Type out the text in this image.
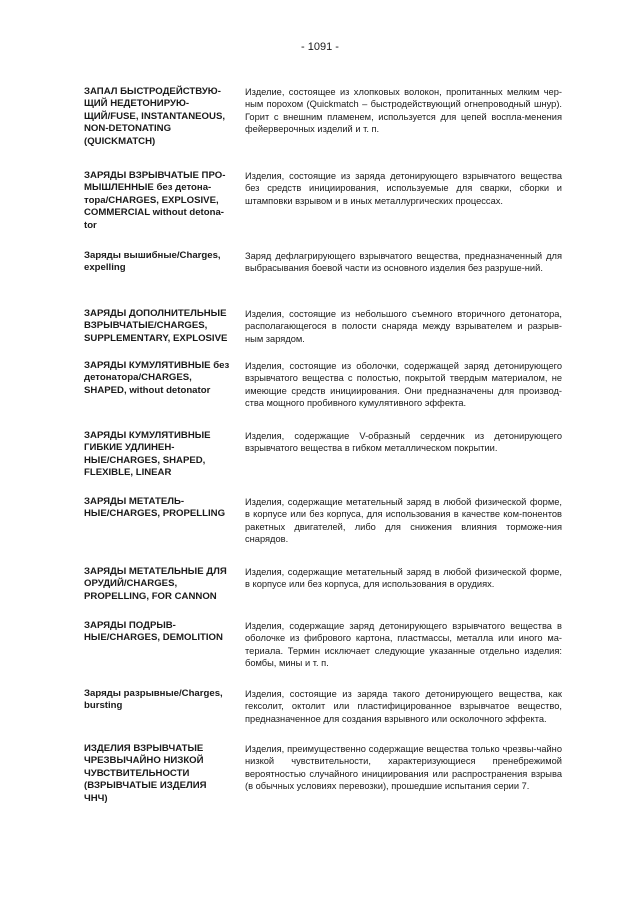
- 1091 -
ЗАПАЛ БЫСТРОДЕЙСТВУЮ-ЩИЙ НЕДЕТОНИРУЮ-ЩИЙ/FUSE, INSTANTANEOUS, NON-DETONATING (QUICKMATCH)
Изделие, состоящее из хлопковых волокон, пропитанных мелким чер-ным порохом (Quickmatch – быстродействующий огнепроводный шнур). Горит с внешним пламенем, используется для цепей воспла-менения фейерверочных изделий и т. п.
ЗАРЯДЫ ВЗРЫВЧАТЫЕ ПРО-МЫШЛЕННЫЕ без детона-тора/CHARGES, EXPLOSIVE, COMMERCIAL without detona-tor
Изделия, состоящие из заряда детонирующего взрывчатого вещества без средств инициирования, используемые для сварки, сборки и штамповки взрывом и в иных металлургических процессах.
Заряды вышибные/Charges, expelling
Заряд дефлагрирующего взрывчатого вещества, предназначенный для выбрасывания боевой части из основного изделия без разруше-ний.
ЗАРЯДЫ ДОПОЛНИТЕЛЬНЫЕ ВЗРЫВЧАТЫЕ/CHARGES, SUPPLEMENTARY, EXPLOSIVE
Изделия, состоящие из небольшого съемного вторичного детонатора, располагающегося в полости снаряда между взрывателем и разрыв-ным зарядом.
ЗАРЯДЫ КУМУЛЯТИВНЫЕ без детонатора/CHARGES, SHAPED, without detonator
Изделия, состоящие из оболочки, содержащей заряд детонирующего взрывчатого вещества с полостью, покрытой твердым материалом, не имеющие средств инициирования. Они предназначены для производ-ства мощного пробивного кумулятивного эффекта.
ЗАРЯДЫ КУМУЛЯТИВНЫЕ ГИБКИЕ УДЛИНЕН-НЫЕ/CHARGES, SHAPED, FLEXIBLE, LINEAR
Изделия, содержащие V-образный сердечник из детонирующего взрывчатого вещества в гибком металлическом покрытии.
ЗАРЯДЫ МЕТАТЕЛЬ-НЫЕ/CHARGES, PROPELLING
Изделия, содержащие метательный заряд в любой физической форме, в корпусе или без корпуса, для использования в качестве ком-понентов ракетных двигателей, либо для снижения влияния торможе-ния снарядов.
ЗАРЯДЫ МЕТАТЕЛЬНЫЕ ДЛЯ ОРУДИЙ/CHARGES, PROPELLING, FOR CANNON
Изделия, содержащие метательный заряд в любой физической форме, в корпусе или без корпуса, для использования в орудиях.
ЗАРЯДЫ ПОДРЫВ-НЫЕ/CHARGES, DEMOLITION
Изделия, содержащие заряд детонирующего взрывчатого вещества в оболочке из фибрового картона, пластмассы, металла или иного ма-териала. Термин исключает следующие указанные отдельно изделия: бомбы, мины и т. п.
Заряды разрывные/Charges, bursting
Изделия, состоящие из заряда такого детонирующего вещества, как гексолит, октолит или пластифицированное взрывчатое вещество, предназначенное для создания взрывного или осколочного эффекта.
ИЗДЕЛИЯ ВЗРЫВЧАТЫЕ ЧРЕЗВЫЧАЙНО НИЗКОЙ ЧУВСТВИТЕЛЬНОСТИ (ВЗРЫВЧАТЫЕ ИЗДЕЛИЯ ЧНЧ)
Изделия, преимущественно содержащие вещества только чрезвы-чайно низкой чувствительности, характеризующиеся пренебрежимой вероятностью случайного инициирования или распространения взрыва (в обычных условиях перевозки), прошедшие испытания серии 7.
